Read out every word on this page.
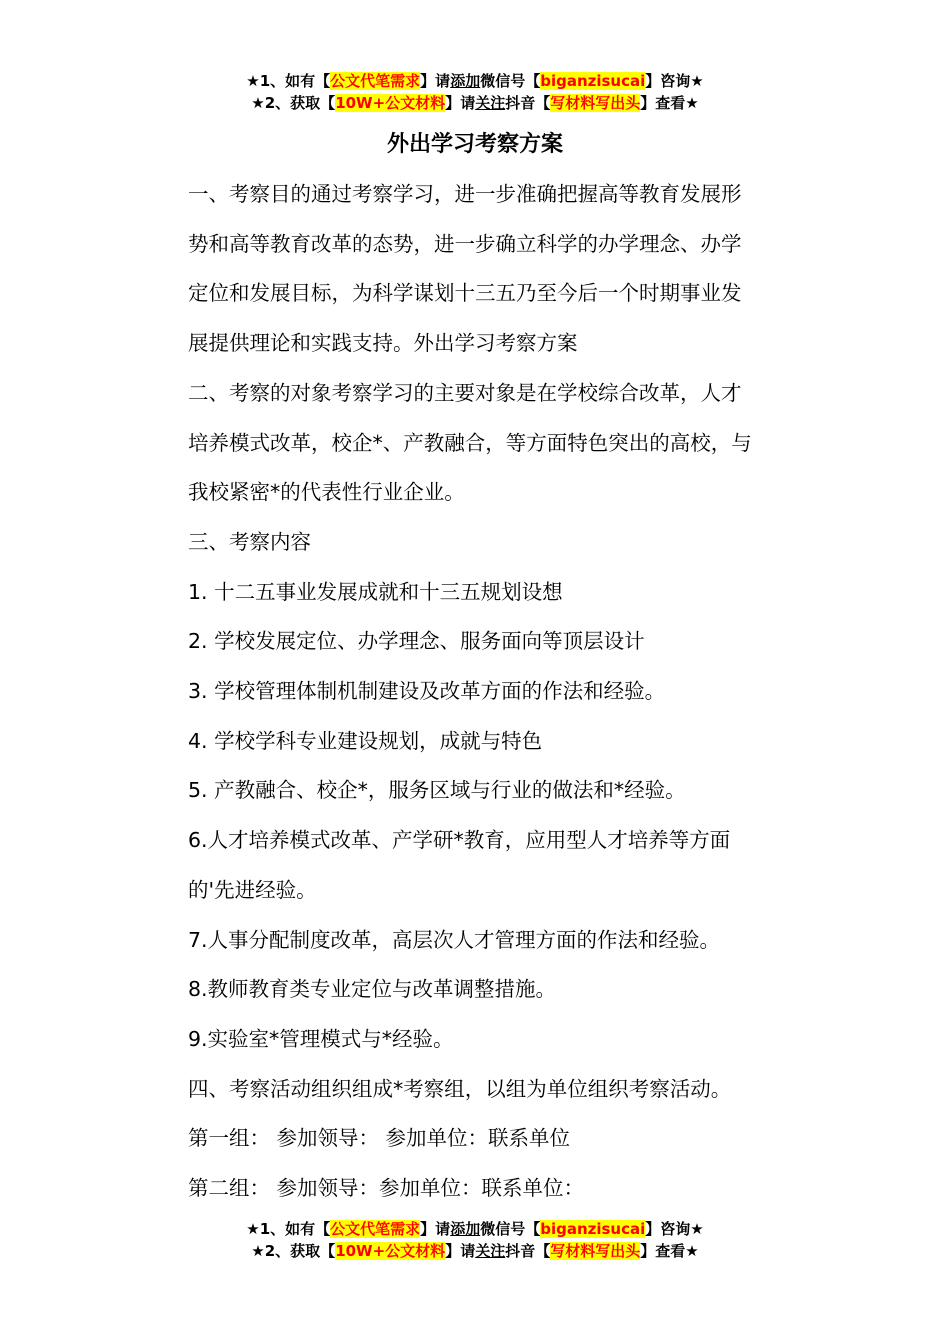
★1、如有【公文代笔需求】请添加微信号【biganzisucai】咨询★
★2、获取【10W+公文材料】请关注抖音【写材料写出头】查看★
外出学习考察方案

一、考察目的通过考察学习，进一步准确把握高等教育发展形

势和高等教育改革的态势，进一步确立科学的办学理念、办学

定位和发展目标，为科学谋划十三五乃至今后一个时期事业发

展提供理论和实践支持。外出学习考察方案

二、考察的对象考察学习的主要对象是在学校综合改革，人才

培养模式改革，校企*、产教融合，等方面特色突出的高校，与

我校紧密*的代表性行业企业。

三、考察内容

1. 十二五事业发展成就和十三五规划设想

2. 学校发展定位、办学理念、服务面向等顶层设计

3. 学校管理体制机制建设及改革方面的作法和经验。

4. 学校学科专业建设规划，成就与特色

5. 产教融合、校企*，服务区域与行业的做法和*经验。

6.人才培养模式改革、产学研*教育，应用型人才培养等方面

的'先进经验。

7.人事分配制度改革，高层次人才管理方面的作法和经验。

8.教师教育类专业定位与改革调整措施。

9.实验室*管理模式与*经验。

四、考察活动组织组成*考察组，以组为单位组织考察活动。

第一组： 参加领导： 参加单位：联系单位

第二组： 参加领导：参加单位：联系单位：

★1、如有【公文代笔需求】请添加微信号【biganzisucai】咨询★
★2、获取【10W+公文材料】请关注抖音【写材料写出头】查看★
